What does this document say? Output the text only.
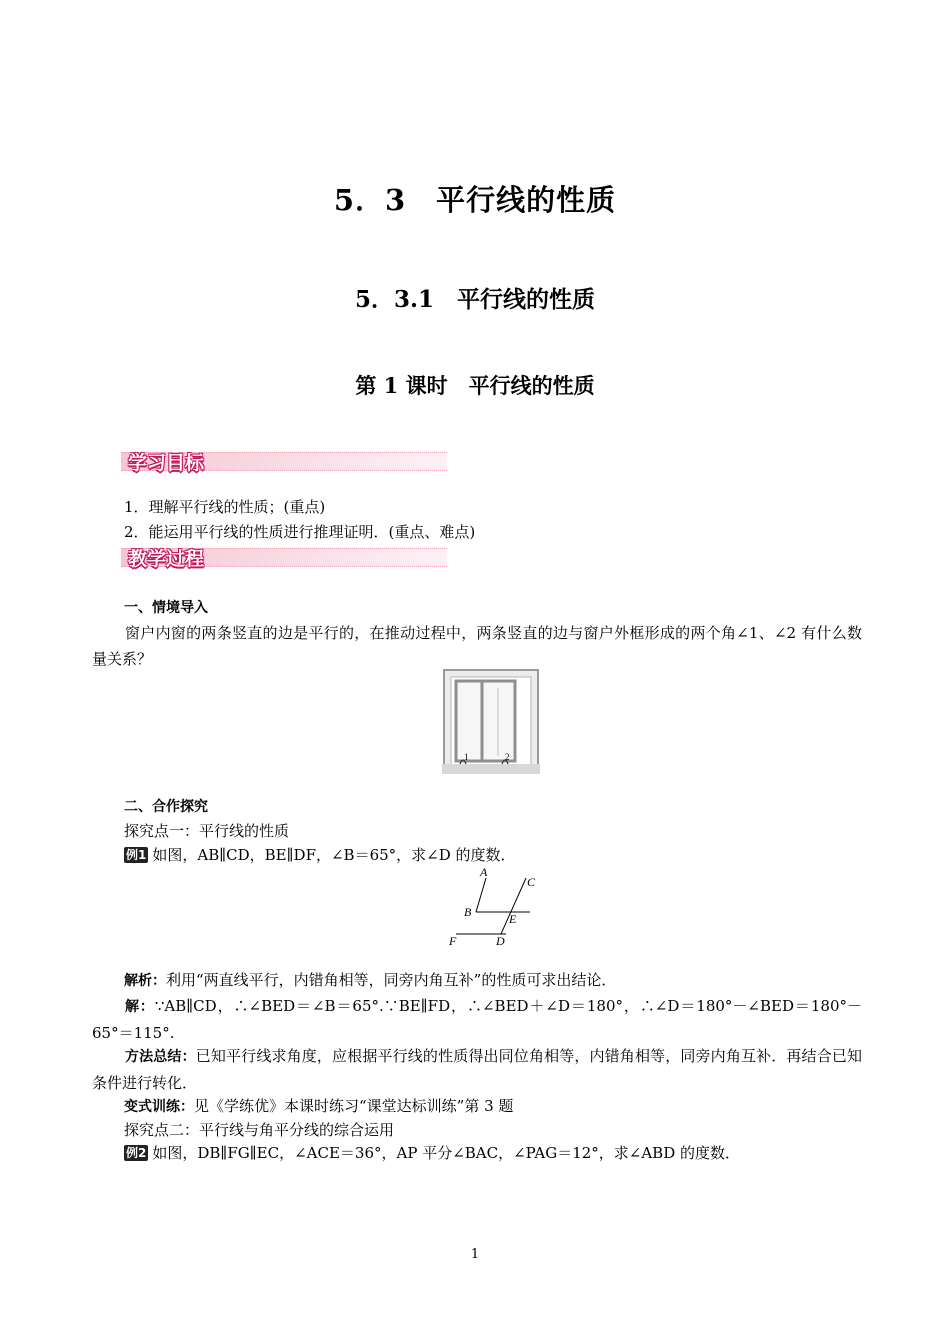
5．3　平行线的性质
5．3.1　平行线的性质
第 1 课时　平行线的性质
学习目标
1．理解平行线的性质；(重点)
2．能运用平行线的性质进行推理证明．(重点、难点)
教学过程
一、情境导入
窗户内窗的两条竖直的边是平行的，在推动过程中，两条竖直的边与窗户外框形成的两个角∠1、∠2 有什么数量关系？
1	2
二、合作探究
探究点一：平行线的性质
例1 如图，AB∥CD，BE∥DF，∠B＝65°，求∠D 的度数．
A
C
B	E
F	D
解析：利用“两直线平行，内错角相等，同旁内角互补”的性质可求出结论．
解：∵AB∥CD，∴∠BED＝∠B＝65°.∵BE∥FD，∴∠BED＋∠D＝180°，∴∠D＝180°－∠BED＝180°－65°＝115°.
方法总结：已知平行线求角度，应根据平行线的性质得出同位角相等，内错角相等，同旁内角互补．再结合已知条件进行转化．
变式训练：见《学练优》本课时练习“课堂达标训练”第 3 题
探究点二：平行线与角平分线的综合运用
例2 如图，DB∥FG∥EC，∠ACE＝36°，AP 平分∠BAC，∠PAG＝12°，求∠ABD 的度数．
1
